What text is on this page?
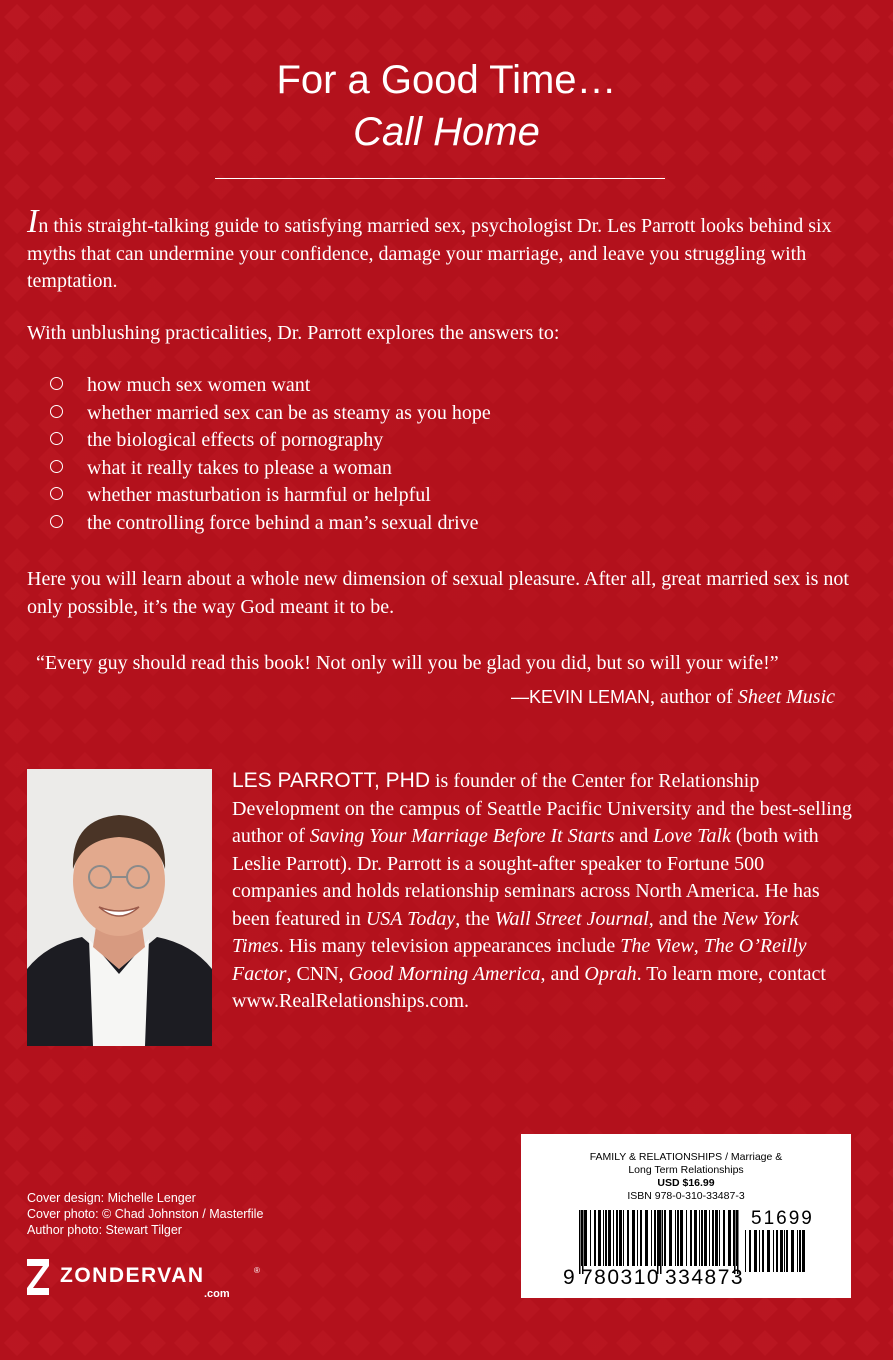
For a Good Time…
Call Home
In this straight-talking guide to satisfying married sex, psychologist Dr. Les Parrott looks behind six myths that can undermine your confidence, damage your marriage, and leave you struggling with temptation.
With unblushing practicalities, Dr. Parrott explores the answers to:
how much sex women want
whether married sex can be as steamy as you hope
the biological effects of pornography
what it really takes to please a woman
whether masturbation is harmful or helpful
the controlling force behind a man’s sexual drive
Here you will learn about a whole new dimension of sexual pleasure. After all, great married sex is not only possible, it’s the way God meant it to be.
“Every guy should read this book! Not only will you be glad you did, but so will your wife!”
—KEVIN LEMAN, author of Sheet Music
LES PARROTT, PHD is founder of the Center for Relationship Development on the campus of Seattle Pacific University and the best-selling author of Saving Your Marriage Before It Starts and Love Talk (both with Leslie Parrott). Dr. Parrott is a sought-after speaker to Fortune 500 companies and holds relationship seminars across North America. He has been featured in USA Today, the Wall Street Journal, and the New York Times. His many television appearances include The View, The O’Reilly Factor, CNN, Good Morning America, and Oprah. To learn more, contact www.RealRelationships.com.
Cover design: Michelle Lenger
Cover photo: © Chad Johnston / Masterfile
Author photo: Stewart Tilger
ZONDERVAN	®
.com
FAMILY & RELATIONSHIPS / Marriage &
Long Term Relationships
USD $16.99
ISBN 978-0-310-33487-3
9 780310 334873
51699
